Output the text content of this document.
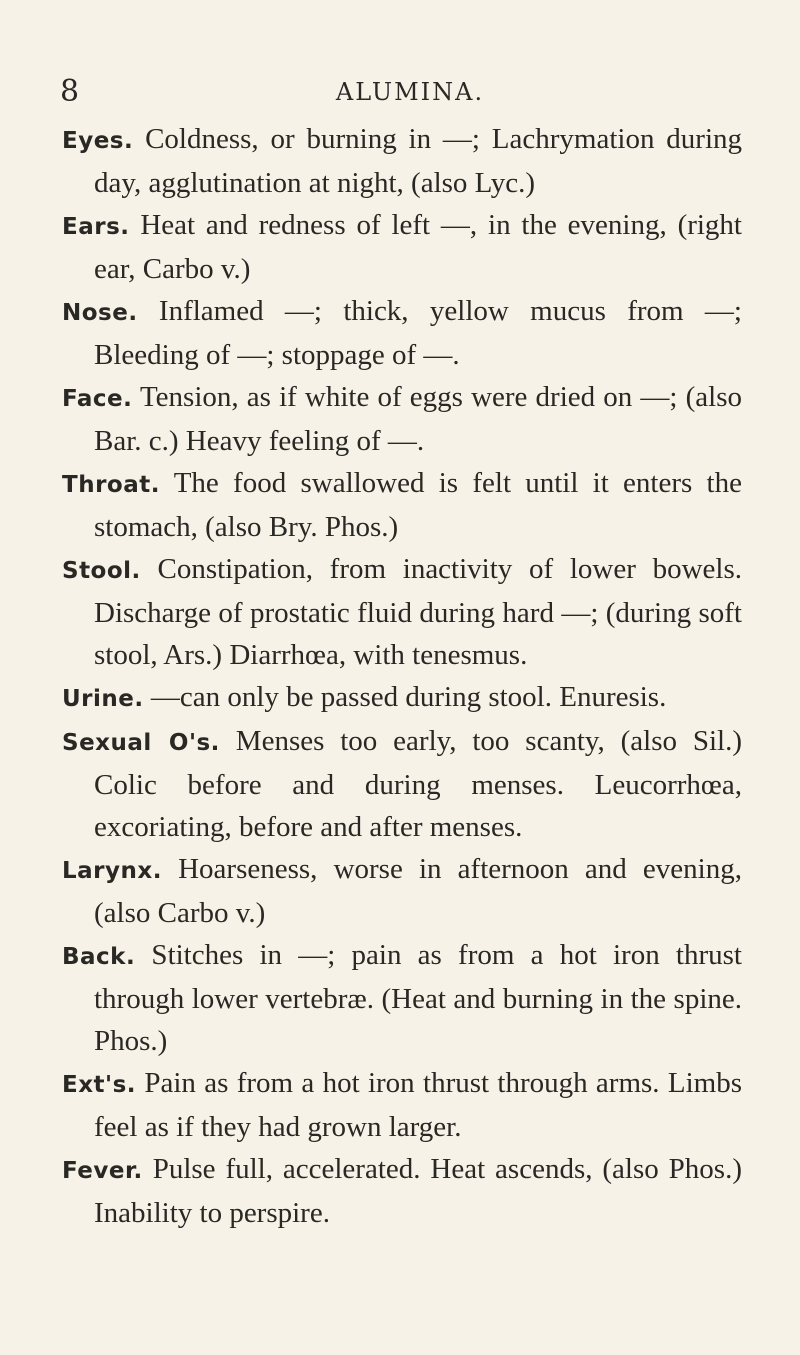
8	ALUMINA.

Eyes. Coldness, or burning in —; Lachrymation during day, agglutination at night, (also Lyc.)

Ears. Heat and redness of left —, in the evening, (right ear, Carbo v.)

Nose. Inflamed —; thick, yellow mucus from —; Bleeding of —; stoppage of —.

Face. Tension, as if white of eggs were dried on —; (also Bar. c.) Heavy feeling of —.

Throat. The food swallowed is felt until it enters the stomach, (also Bry. Phos.)

Stool. Constipation, from inactivity of lower bowels. Discharge of prostatic fluid during hard —; (during soft stool, Ars.) Diarrhœa, with tenesmus.

Urine. —can only be passed during stool. Enuresis.

Sexual O's. Menses too early, too scanty, (also Sil.) Colic before and during menses. Leucorrhœa, excoriating, before and after menses.

Larynx. Hoarseness, worse in afternoon and evening, (also Carbo v.)

Back. Stitches in —; pain as from a hot iron thrust through lower vertebræ. (Heat and burning in the spine. Phos.)

Ext's. Pain as from a hot iron thrust through arms. Limbs feel as if they had grown larger.

Fever. Pulse full, accelerated. Heat ascends, (also Phos.) Inability to perspire.
